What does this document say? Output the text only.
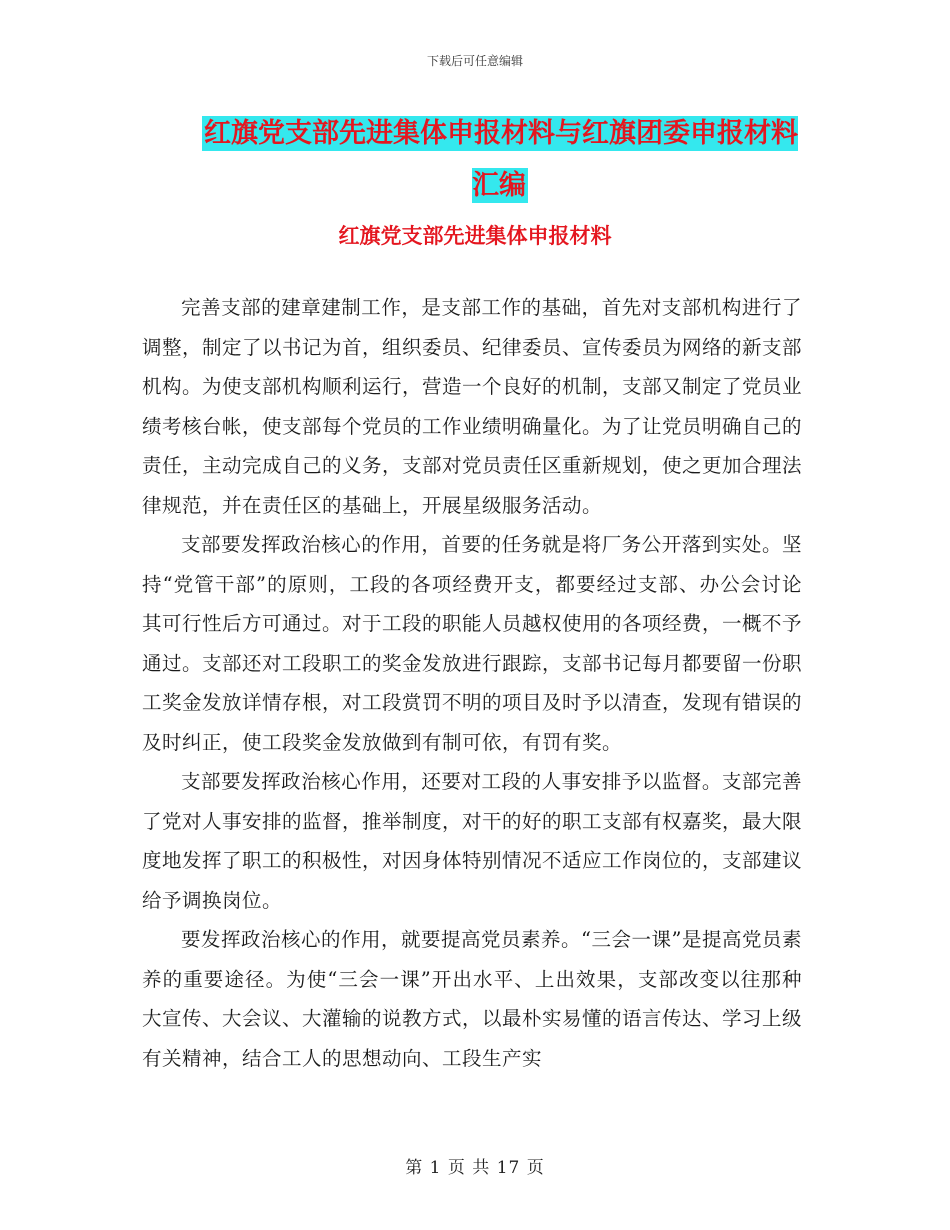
下载后可任意编辑
红旗党支部先进集体申报材料与红旗团委申报材料汇编
红旗党支部先进集体申报材料

完善支部的建章建制工作，是支部工作的基础，首先对支部机构进行了调整，制定了以书记为首，组织委员、纪律委员、宣传委员为网络的新支部机构。为使支部机构顺利运行，营造一个良好的机制，支部又制定了党员业绩考核台帐，使支部每个党员的工作业绩明确量化。为了让党员明确自己的责任，主动完成自己的义务，支部对党员责任区重新规划，使之更加合理法律规范，并在责任区的基础上，开展星级服务活动。

支部要发挥政治核心的作用，首要的任务就是将厂务公开落到实处。坚持“党管干部”的原则，工段的各项经费开支，都要经过支部、办公会讨论其可行性后方可通过。对于工段的职能人员越权使用的各项经费，一概不予通过。支部还对工段职工的奖金发放进行跟踪，支部书记每月都要留一份职工奖金发放详情存根，对工段赏罚不明的项目及时予以清查，发现有错误的及时纠正，使工段奖金发放做到有制可依，有罚有奖。

支部要发挥政治核心作用，还要对工段的人事安排予以监督。支部完善了党对人事安排的监督，推举制度，对干的好的职工支部有权嘉奖，最大限度地发挥了职工的积极性，对因身体特别情况不适应工作岗位的，支部建议给予调换岗位。

要发挥政治核心的作用，就要提高党员素养。“三会一课”是提高党员素养的重要途径。为使“三会一课”开出水平、上出效果，支部改变以往那种大宣传、大会议、大灌输的说教方式，以最朴实易懂的语言传达、学习上级有关精神，结合工人的思想动向、工段生产实

第 1 页 共 17 页
